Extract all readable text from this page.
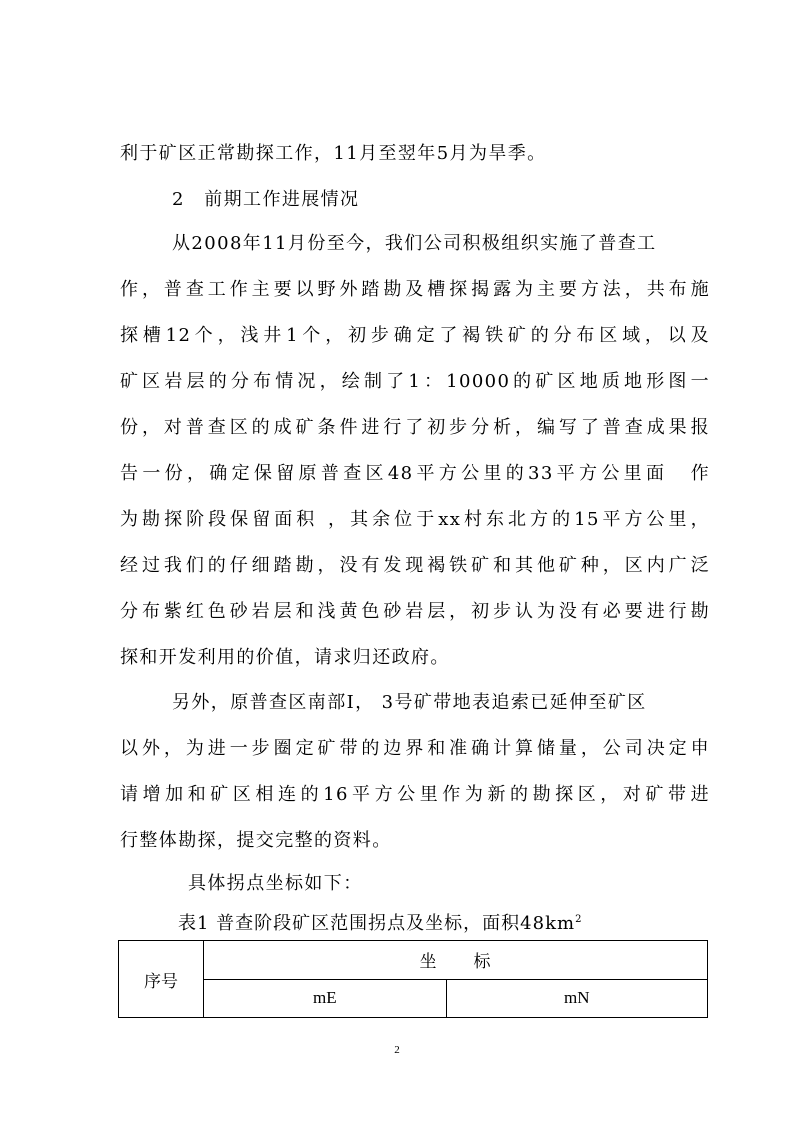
利于矿区正常勘探工作，11月至翌年5月为旱季。
2　前期工作进展情况
从2008年11月份至今，我们公司积极组织实施了普查工
作，普查工作主要以野外踏勘及槽探揭露为主要方法，共布施
探槽12个，浅井1个，初步确定了褐铁矿的分布区域，以及
矿区岩层的分布情况，绘制了1：10000的矿区地质地形图一
份，对普查区的成矿条件进行了初步分析，编写了普查成果报
告一份，确定保留原普查区48平方公里的33平方公里面　作
为勘探阶段保留面积 ，其余位于xx村东北方的15平方公里，
经过我们的仔细踏勘，没有发现褐铁矿和其他矿种，区内广泛
分布紫红色砂岩层和浅黄色砂岩层，初步认为没有必要进行勘
探和开发利用的价值，请求归还政府。
另外，原普查区南部Ⅰ， 3号矿带地表追索已延伸至矿区
以外，为进一步圈定矿带的边界和准确计算储量，公司决定申
请增加和矿区相连的16平方公里作为新的勘探区，对矿带进
行整体勘探，提交完整的资料。
具体拐点坐标如下：
表1 普查阶段矿区范围拐点及坐标，面积$48km^2$
序号	坐　　标	
	mE	mN
2
